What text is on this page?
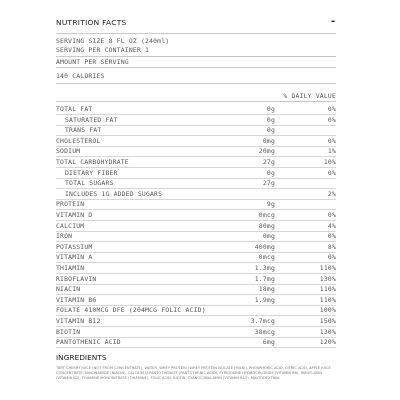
NUTRITION FACTS	-
SERVING SIZE 8 FL OZ (240ml)
SERVING PER CONTAINER 1
AMOUNT PER SERVING
140 CALORIES
% DAILY VALUE
TOTAL FAT	0g	0%
SATURATED FAT	0g	0%
TRANS FAT	0g
CHOLESTEROL	0mg	0%
SODIUM	20mg	1%
TOTAL CARBOHYDRATE	27g	10%
DIETARY FIBER	0g	0%
TOTAL SUGARS	27g
INCLUDES 1G ADDED SUGARS	2%
PROTEIN	9g
VITAMIN D	0mcg	0%
CALCIUM	80mg	4%
IRON	0mg	0%
POTASSIUM	400mg	8%
VITAMIN A	0mcg	0%
THIAMIN	1.3mg	110%
RIBOFLAVIN	1.7mg	130%
NIACIN	18mg	110%
VITAMIN B6	1.9mg	110%
FOLATE 410MCG DFE (204MCG FOLIC ACID)	100%
VITAMIN B12	3.7mcg	150%
BIOTIN	38mcg	130%
PANTOTHENIC ACID	6mg	120%
INGREDIENTS
TART CHERRY JUICE (NOT FROM CONCENTRATE), WATER, WHEY PROTEIN (WHEY PROTEIN ISOLATE (MILK)), PHOSPHORIC ACID, CITRIC ACID, APPLE JUICE CONCENTRATE, NIACINAMIDE (NIACIN), CALCIUM D-PANTOTHENATE (PANTOTHENIC ACID), PYRIDOXINE HYDROCHLORIDE (VITAMIN B6), RIBOFLAVIN (VITAMIN B2), THIAMINE MONONITRATE (THIAMINE), FOLIC ACID, BIOTIN, CYANOCOBALAMIN (VITAMIN B12), MALTODEXTRIN.
